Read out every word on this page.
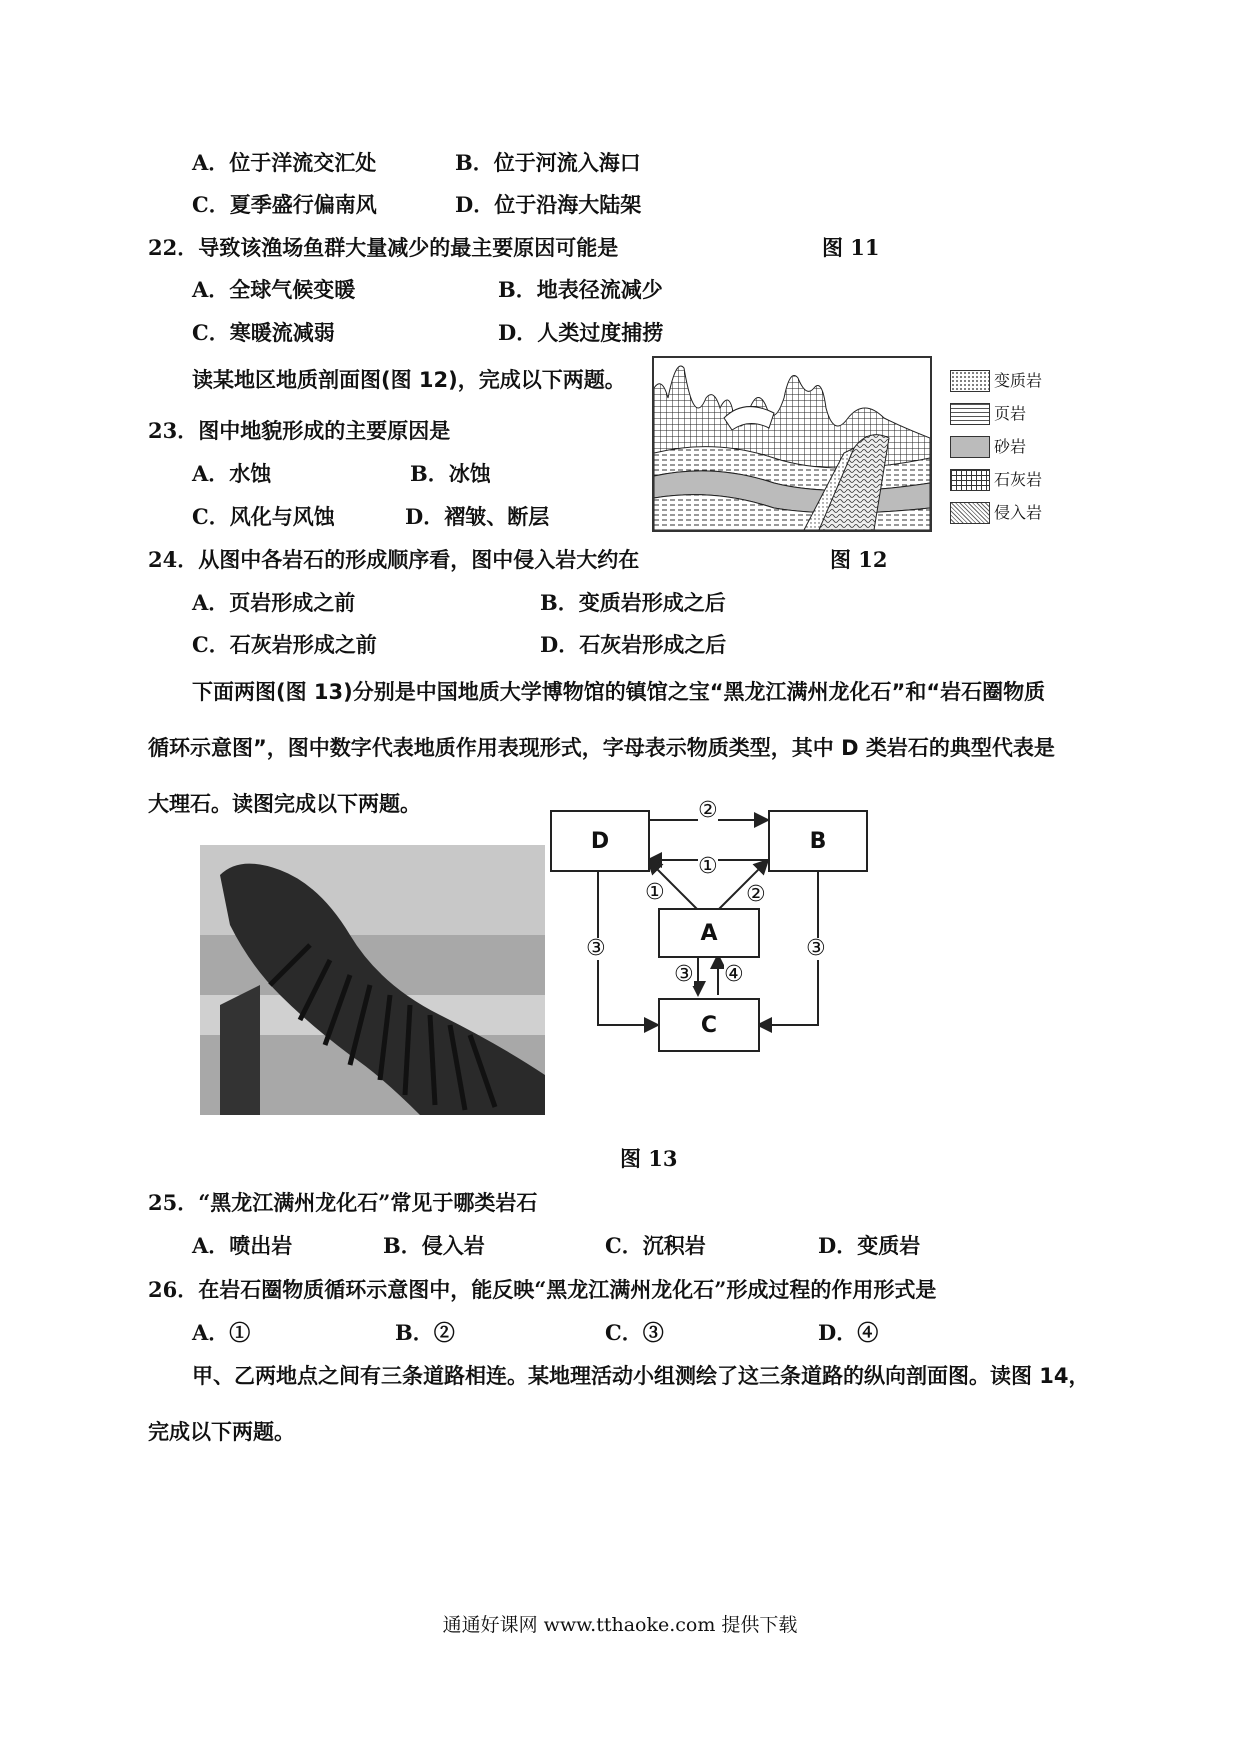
A．位于洋流交汇处	B．位于河流入海口
C．夏季盛行偏南风	D．位于沿海大陆架
22．导致该渔场鱼群大量减少的最主要原因可能是	图 11
A．全球气候变暖	B．地表径流减少
C．寒暖流减弱	D．人类过度捕捞
读某地区地质剖面图(图 12)，完成以下两题。
23．图中地貌形成的主要原因是
A．水蚀	B．冰蚀
C．风化与风蚀	D．褶皱、断层
变质岩
页岩
砂岩
石灰岩
侵入岩
24．从图中各岩石的形成顺序看，图中侵入岩大约在	图 12
A．页岩形成之前	B．变质岩形成之后
C．石灰岩形成之前	D．石灰岩形成之后
下面两图(图 13)分别是中国地质大学博物馆的镇馆之宝“黑龙江满州龙化石”和“岩石圈物质
循环示意图”，图中数字代表地质作用表现形式，字母表示物质类型，其中 D 类岩石的典型代表是
大理石。读图完成以下两题。
D	B
A
C
②
①
①	②
③	③
③ ④
图 13
25．“黑龙江满州龙化石”常见于哪类岩石
A．喷出岩	B．侵入岩	C．沉积岩	D．变质岩
26．在岩石圈物质循环示意图中，能反映“黑龙江满州龙化石”形成过程的作用形式是
A．①	B．②	C．③	D．④
甲、乙两地点之间有三条道路相连。某地理活动小组测绘了这三条道路的纵向剖面图。读图 14，
完成以下两题。
通通好课网 www.tthaoke.com 提供下载
